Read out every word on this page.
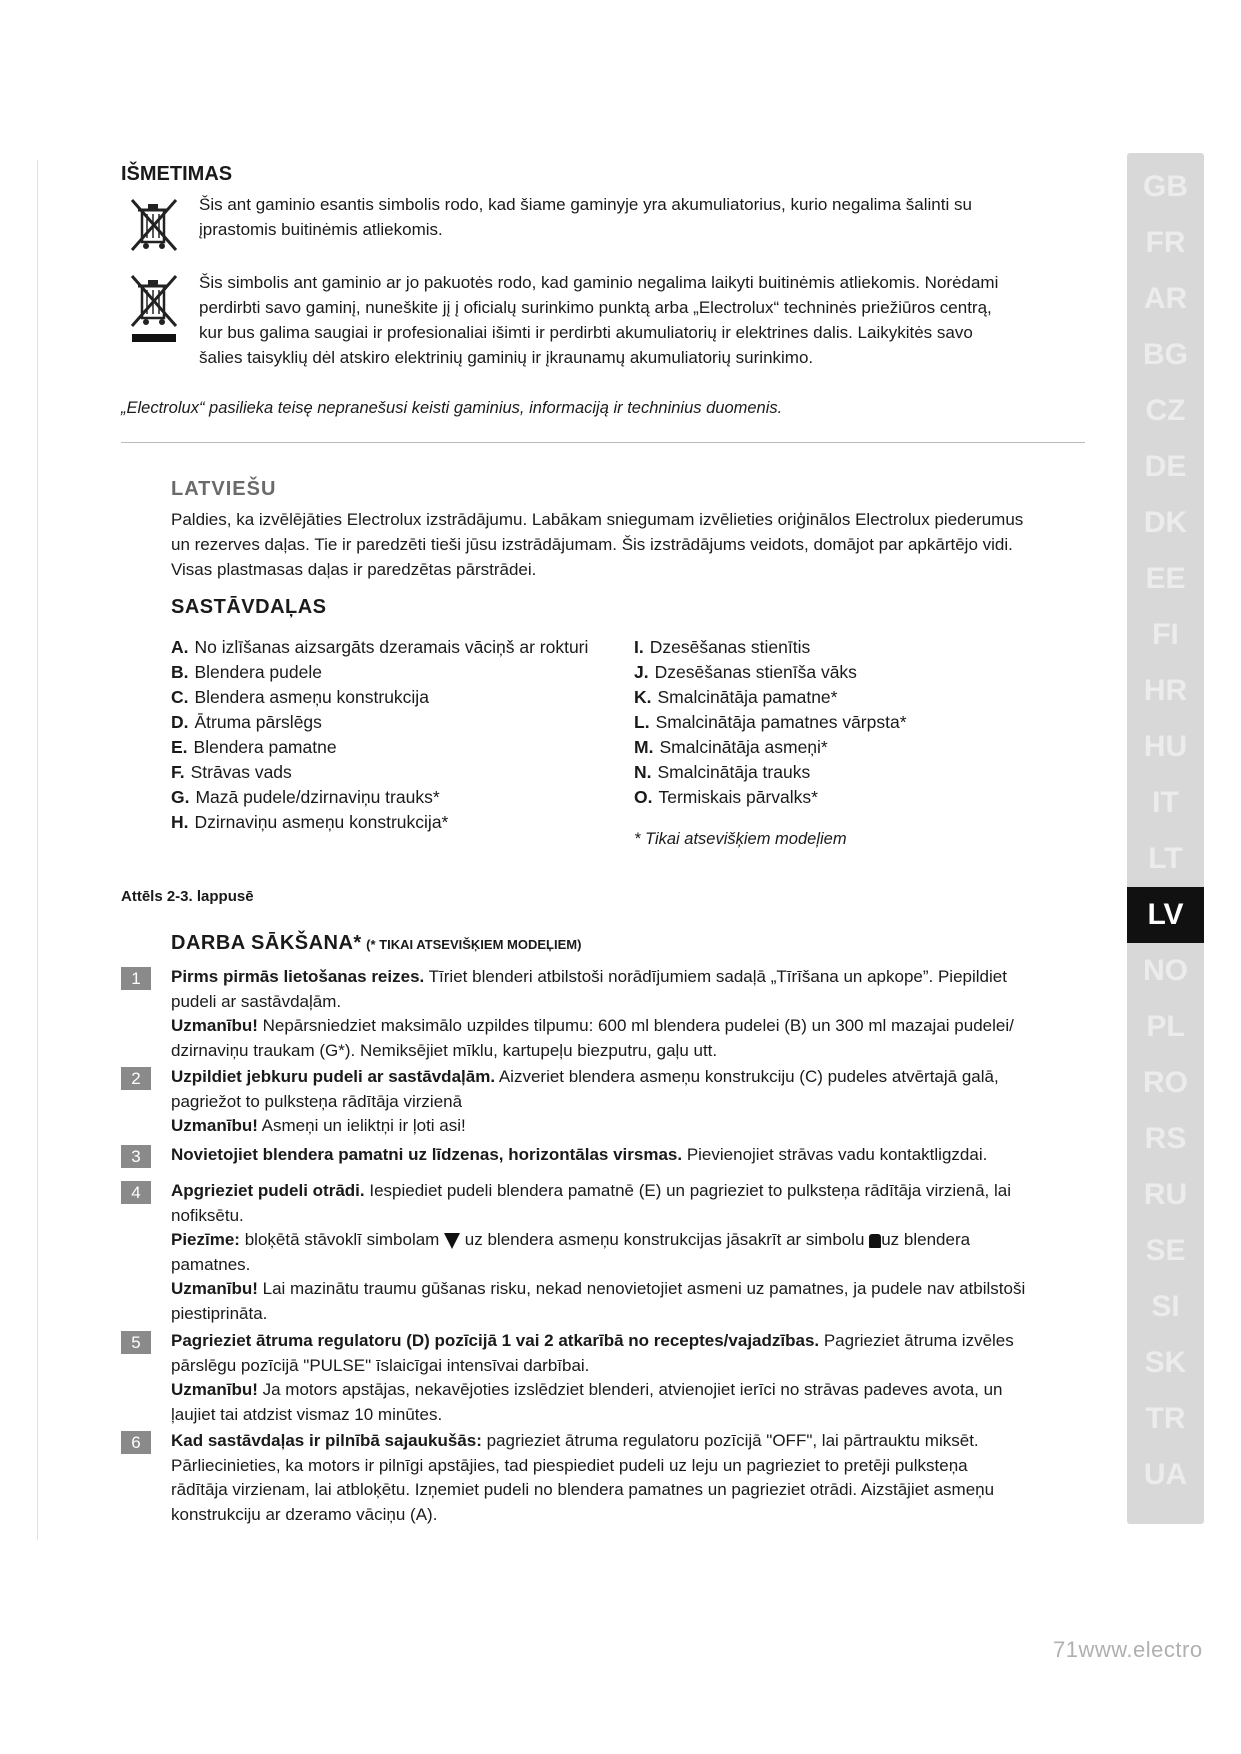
IŠMETIMAS
Šis ant gaminio esantis simbolis rodo, kad šiame gaminyje yra akumuliatorius, kurio negalima šalinti su
įprastomis buitinėmis atliekomis.
Šis simbolis ant gaminio ar jo pakuotės rodo, kad gaminio negalima laikyti buitinėmis atliekomis. Norėdami
perdirbti savo gaminį, nuneškite jį į oficialų surinkimo punktą arba „Electrolux“ techninės priežiūros centrą,
kur bus galima saugiai ir profesionaliai išimti ir perdirbti akumuliatorių ir elektrines dalis. Laikykitės savo
šalies taisyklių dėl atskiro elektrinių gaminių ir įkraunamų akumuliatorių surinkimo.
„Electrolux“ pasilieka teisę nepranešusi keisti gaminius, informaciją ir techninius duomenis.
LATVIEŠU
Paldies, ka izvēlējāties Electrolux izstrādājumu. Labākam sniegumam izvēlieties oriģinālos Electrolux piederumus
un rezerves daļas. Tie ir paredzēti tieši jūsu izstrādājumam. Šis izstrādājums veidots, domājot par apkārtējo vidi.
Visas plastmasas daļas ir paredzētas pārstrādei.
SASTĀVDAĻAS
A. No izlīšanas aizsargāts dzeramais vāciņš ar rokturi
B. Blendera pudele
C. Blendera asmeņu konstrukcija
D. Ātruma pārslēgs
E. Blendera pamatne
F. Strāvas vads
G. Mazā pudele/dzirnaviņu trauks*
H. Dzirnaviņu asmeņu konstrukcija*
I. Dzesēšanas stienītis
J. Dzesēšanas stienīša vāks
K. Smalcinātāja pamatne*
L. Smalcinātāja pamatnes vārpsta*
M. Smalcinātāja asmeņi*
N. Smalcinātāja trauks
O. Termiskais pārvalks*
* Tikai atsevišķiem modeļiem
Attēls 2-3. lappusē
DARBA SĀKŠANA* (* TIKAI ATSEVIŠĶIEM MODEĻIEM)
1	Pirms pirmās lietošanas reizes. Tīriet blenderi atbilstoši norādījumiem sadaļā „Tīrīšana un apkope”. Piepildiet
pudeli ar sastāvdaļām.
Uzmanību! Nepārsniedziet maksimālo uzpildes tilpumu: 600 ml blendera pudelei (B) un 300 ml mazajai pudelei/
dzirnaviņu traukam (G*). Nemiksējiet mīklu, kartupeļu biezputru, gaļu utt.
2	Uzpildiet jebkuru pudeli ar sastāvdaļām. Aizveriet blendera asmeņu konstrukciju (C) pudeles atvērtajā galā,
pagriežot to pulksteņa rādītāja virzienā
Uzmanību! Asmeņi un ieliktņi ir ļoti asi!
3	Novietojiet blendera pamatni uz līdzenas, horizontālas virsmas. Pievienojiet strāvas vadu kontaktligzdai.
4	Apgrieziet pudeli otrādi. Iespiediet pudeli blendera pamatnē (E) un pagrieziet to pulksteņa rādītāja virzienā, lai
nofiksētu.
Piezīme: bloķētā stāvoklī simbolam  uz blendera asmeņu konstrukcijas jāsakrīt ar simbolu uz blendera
pamatnes.
Uzmanību! Lai mazinātu traumu gūšanas risku, nekad nenovietojiet asmeni uz pamatnes, ja pudele nav atbilstoši
piestiprināta.
5	Pagrieziet ātruma regulatoru (D) pozīcijā 1 vai 2 atkarībā no receptes/vajadzības. Pagrieziet ātruma izvēles
pārslēgu pozīcijā "PULSE" īslaicīgai intensīvai darbībai.
Uzmanību! Ja motors apstājas, nekavējoties izslēdziet blenderi, atvienojiet ierīci no strāvas padeves avota, un
ļaujiet tai atdzist vismaz 10 minūtes.
6	Kad sastāvdaļas ir pilnībā sajaukušās: pagrieziet ātruma regulatoru pozīcijā "OFF", lai pārtrauktu miksēt.
Pārliecinieties, ka motors ir pilnīgi apstājies, tad piespiediet pudeli uz leju un pagrieziet to pretēji pulksteņa
rādītāja virzienam, lai atbloķētu. Izņemiet pudeli no blendera pamatnes un pagrieziet otrādi. Aizstājiet asmeņu
konstrukciju ar dzeramo vāciņu (A).
GB
FR
AR
BG
CZ
DE
DK
EE
FI
HR
HU
IT
LT
LV
NO
PL
RO
RS
RU
SE
SI
SK
TR
UA
71www.electro
